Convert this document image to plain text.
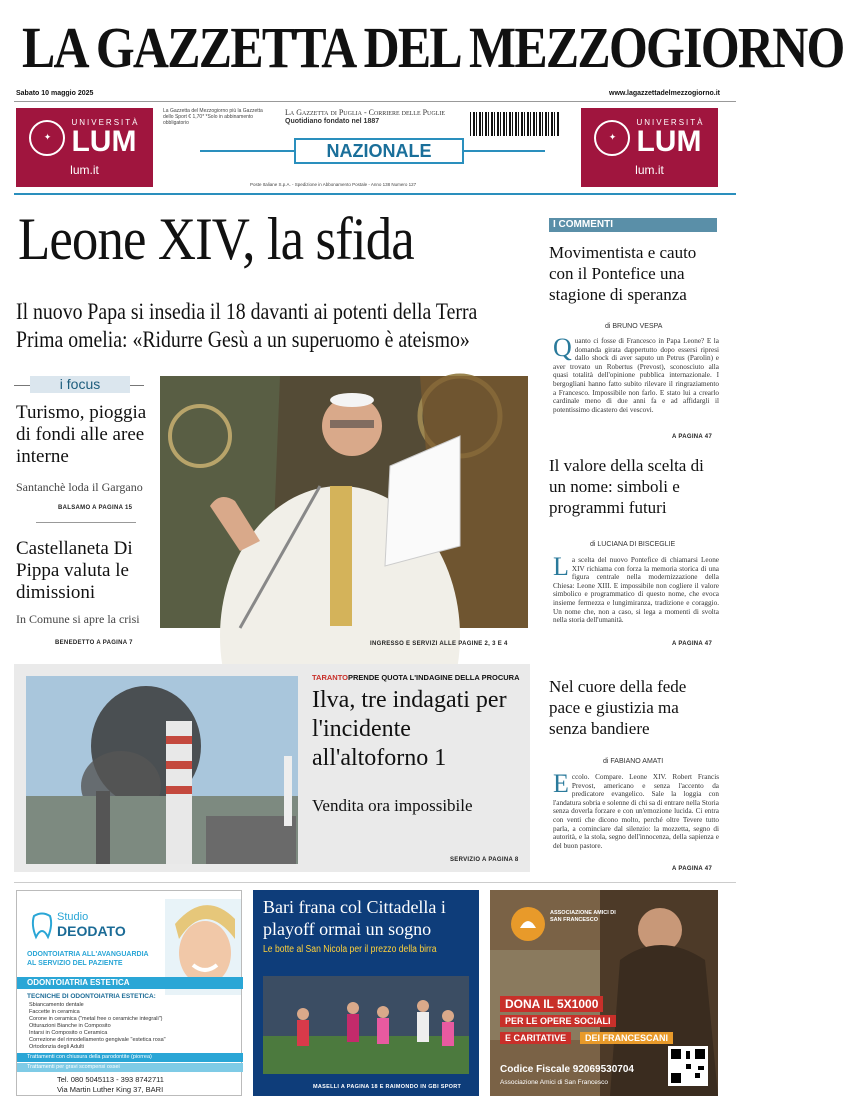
LA GAZZETTA DEL MEZZOGIORNO
Sabato 10 maggio 2025	www.lagazzettadelmezzogiorno.it
✦
UNIVERSITÀ
LUM
lum.it
✦
UNIVERSITÀ
LUM
lum.it
La Gazzetta del Mezzogiorno più la Gazzetta dello Sport € 1,70* *Solo in abbinamento obbligatorio
La Gazzetta di Puglia - Corriere delle Puglie
Quotidiano fondato nel 1887
NAZIONALE
Poste Italiane S.p.A. - Spedizione in Abbonamento Postale - Anno 138 Numero 127
Leone XIV, la sfida
Il nuovo Papa si insedia il 18 davanti ai potenti della Terra
Prima omelia: «Ridurre Gesù a un superuomo è ateismo»
i focus
Turismo, pioggia di fondi alle aree interne
Santanchè loda il Gargano
BALSAMO A PAGINA 15
Castellaneta Di Pippa valuta le dimissioni
In Comune si apre la crisi
BENEDETTO A PAGINA 7	INGRESSO E SERVIZI ALLE PAGINE 2, 3 E 4
I COMMENTI
Movimentista e cauto con il Pontefice una stagione di speranza
di BRUNO VESPA
Quanto ci fosse di Francesco in Papa Leone? E la domanda girata dappertutto dopo essersi ripresi dallo shock di aver saputo un Petrus (Parolin) e aver trovato un Robertus (Prevost), sconosciuto alla quasi totalità dell'opinione pubblica internazionale. I bergogliani hanno fatto subito rilevare il ringraziamento a Francesco. Impossibile non farlo. E stato lui a crearlo cardinale meno di due anni fa e ad affidargli il potentissimo dicastero dei vescovi.
A PAGINA 47
Il valore della scelta di un nome: simboli e programmi futuri
di LUCIANA DI BISCEGLIE
La scelta del nuovo Pontefice di chiamarsi Leone XIV richiama con forza la memoria storica di una figura centrale nella modernizzazione della Chiesa: Leone XIII. E impossibile non cogliere il valore simbolico e programmatico di questo nome, che evoca insieme fermezza e lungimiranza, tradizione e coraggio. Un nome che, non a caso, si lega a momenti di svolta nella storia dell'umanità.
A PAGINA 47
Nel cuore della fede pace e giustizia ma senza bandiere
di FABIANO AMATI
Eccolo. Compare. Leone XIV. Robert Francis Prevost, americano e senza l'accento da predicatore evangelico. Sale la loggia con l'andatura sobria e solenne di chi sa di entrare nella Storia senza doverla forzare e con un'emozione lucida. Ci entra con venti che dicono molto, perché oltre Tevere tutto parla, a cominciare dal silenzio: la mozzetta, segno di autorità, e la stola, segno dell'innocenza, della sapienza e del buon pastore.
A PAGINA 47
TARANTO PRENDE QUOTA L'INDAGINE DELLA PROCURA
Ilva, tre indagati per l'incidente all'altoforno 1
Vendita ora impossibile
SERVIZIO A PAGINA 8
Studio
DEODATO
ODONTOIATRIA ALL'AVANGUARDIA
AL SERVIZIO DEL PAZIENTE
ODONTOIATRIA ESTETICA
TECNICHE DI ODONTOIATRIA ESTETICA:
Sbiancamento dentale
Faccette in ceramica
Corone in ceramica ("metal free o ceramiche integrali")
Otturazioni Bianche in Composito
Intarsi in Composito o Ceramica
Correzione del rimodellamento gengivale "estetica rosa"
Ortodonzia degli Adulti
Trattamenti con chiusura della parodontite (piorrea)
Trattamenti per gravi scompensi ossei
Tel. 080 5045113 - 393 8742711
Via Martin Luther King 37, BARI
Bari frana col Cittadella i playoff ormai un sogno
Le botte al San Nicola per il prezzo della birra
MASELLI A PAGINA 18 E RAIMONDO IN GBI SPORT
ASSOCIAZIONE AMICI DI SAN FRANCESCO
DONA IL 5X1000
PER LE OPERE SOCIALI
E CARITATIVE	DEI FRANCESCANI
Codice Fiscale 92069530704
Associazione Amici di San Francesco
